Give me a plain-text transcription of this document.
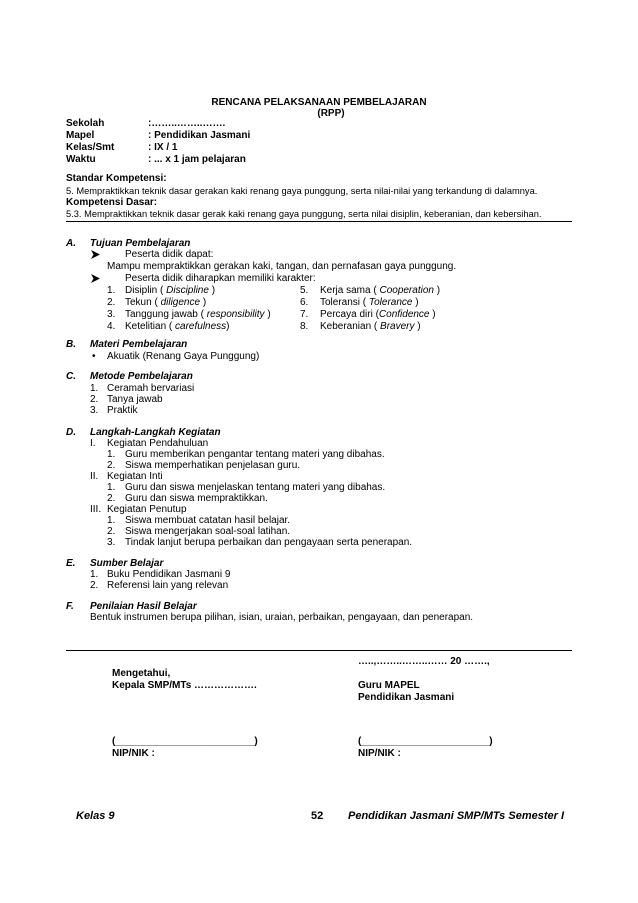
RENCANA PELAKSANAAN PEMBELAJARAN
(RPP)
Sekolah	:……..……..…….
Mapel	: Pendidikan Jasmani
Kelas/Smt	: IX / 1
Waktu	: ... x 1 jam pelajaran
Standar Kompetensi:
5. Mempraktikkan teknik dasar gerakan kaki renang gaya punggung, serta nilai-nilai yang terkandung di dalamnya.
Kompetensi Dasar:
5.3. Mempraktikkan teknik dasar gerak kaki renang gaya punggung, serta nilai disiplin, keberanian, dan kebersihan.
A. Tujuan Pembelajaran
Peserta didik dapat:
Mampu mempraktikkan gerakan kaki, tangan, dan pernafasan gaya punggung.
Peserta didik diharapkan memiliki karakter:
1. Disiplin ( Discipline )
2. Tekun ( diligence )
3. Tanggung jawab ( responsibility )
4. Ketelitian ( carefulness)
5. Kerja sama ( Cooperation )
6. Toleransi ( Tolerance )
7. Percaya diri (Confidence )
8. Keberanian ( Bravery )
B. Materi Pembelajaran
• Akuatik (Renang Gaya Punggung)
C. Metode Pembelajaran
1. Ceramah bervariasi
2. Tanya jawab
3. Praktik
D. Langkah-Langkah Kegiatan
I. Kegiatan Pendahuluan
1. Guru memberikan pengantar tentang materi yang dibahas.
2. Siswa memperhatikan penjelasan guru.
II. Kegiatan Inti
1. Guru dan siswa menjelaskan tentang materi yang dibahas.
2. Guru dan siswa mempraktikkan.
III. Kegiatan Penutup
1. Siswa membuat catatan hasil belajar.
2. Siswa mengerjakan soal-soal latihan.
3. Tindak lanjut berupa perbaikan dan pengayaan serta penerapan.
E. Sumber Belajar
1. Buku Pendidikan Jasmani 9
2. Referensi lain yang relevan
F. Penilaian Hasil Belajar
Bentuk instrumen berupa pilihan, isian, uraian, perbaikan, pengayaan, dan penerapan.
…..,……..……..…… 20 …….,
Mengetahui,
Kepala SMP/MTs ……………….	Guru MAPEL
Pendidikan Jasmani
(_________________________)	(_______________________)
NIP/NIK :	NIP/NIK :
Kelas 9	52 Pendidikan Jasmani SMP/MTs Semester I
